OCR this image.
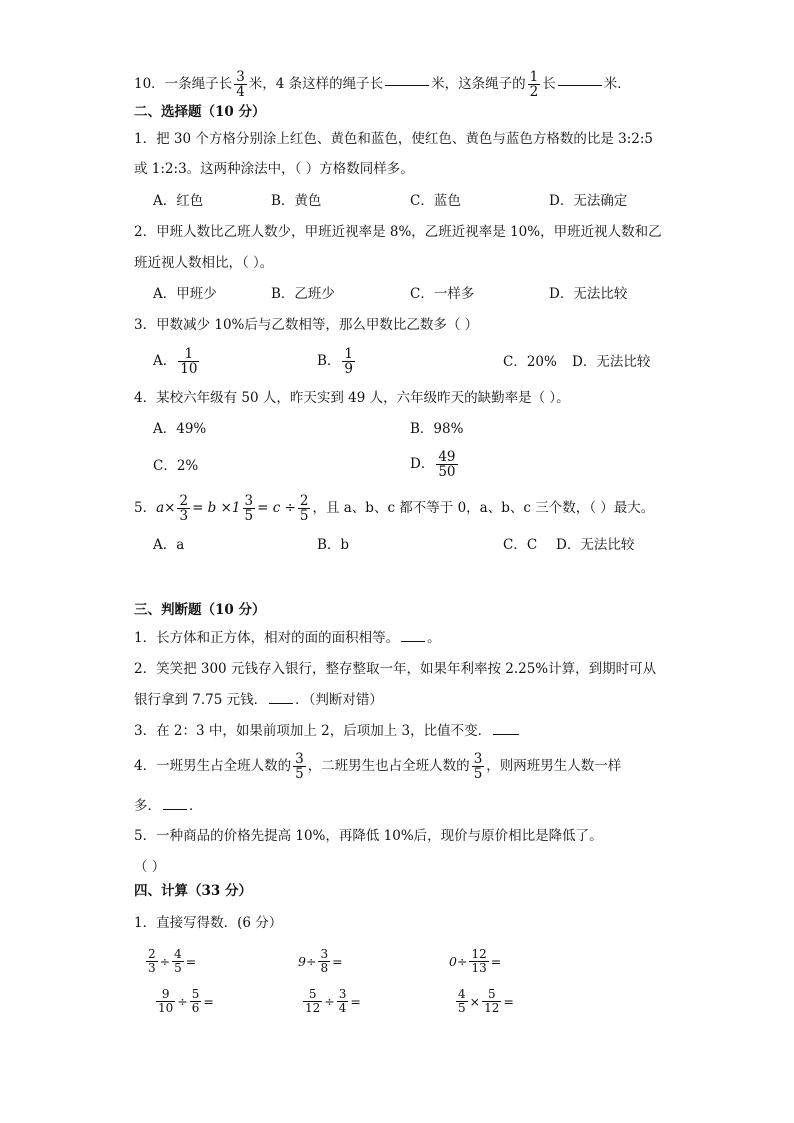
10．一条绳子长 $\frac{3}{4}$ 米，4 条这样的绳子长	米，这条绳子的 $\frac{1}{2}$ 长	米．
二、选择题（10 分）
1．把 30 个方格分别涂上红色、黄色和蓝色，使红色、黄色与蓝色方格数的比是 3:2:5
或 1:2:3。这两种涂法中，（ ）方格数同样多。
A．红色	B．黄色	C．蓝色	D．无法确定
2．甲班人数比乙班人数少，甲班近视率是 8%，乙班近视率是 10%，甲班近视人数和乙
班近视人数相比，（ ）。
A．甲班少	B．乙班少	C．一样多	D．无法比较
3．甲数减少 10%后与乙数相等，那么甲数比乙数多（ ）
A． $\frac{1}{10}$	B． $\frac{1}{9}$	C．20% D．无法比较
4．某校六年级有 50 人，昨天实到 49 人，六年级昨天的缺勤率是（ ）。
A．49%	B．98%
C．2%	D． $\frac{49}{50}$
5． $a \times \frac{2}{3} = b \times 1 \frac{3}{5} = c \div \frac{2}{5}$ ，且 a、b、c 都不等于 0，a、b、c 三个数，（ ）最大。
A．a	B．b	C．C D．无法比较
三、判断题（10 分）
1．长方体和正方体，相对的面的面积相等。 。
2．笑笑把 300 元钱存入银行，整存整取一年，如果年利率按 2.25%计算，到期时可从
银行拿到 7.75 元钱． ．（判断对错）
3．在 2：3 中，如果前项加上 2，后项加上 3，比值不变．
4．一班男生占全班人数的 $\frac{3}{5}$ ，二班男生也占全班人数的 $\frac{3}{5}$ ，则两班男生人数一样
多． ．
5．一种商品的价格先提高 10%，再降低 10%后，现价与原价相比是降低了。
（ ）
四、计算（33 分）
1．直接写得数．(6 分）
$\frac{2}{3} \div \frac{4}{5}$ =	$9 \div \frac{3}{8}$ =	$0 \div \frac{12}{13}$ =
$\frac{9}{10} \div \frac{5}{6}$ =	$\frac{5}{12} \div \frac{3}{4}$ =	$\frac{4}{5} \times \frac{5}{12}$ =
